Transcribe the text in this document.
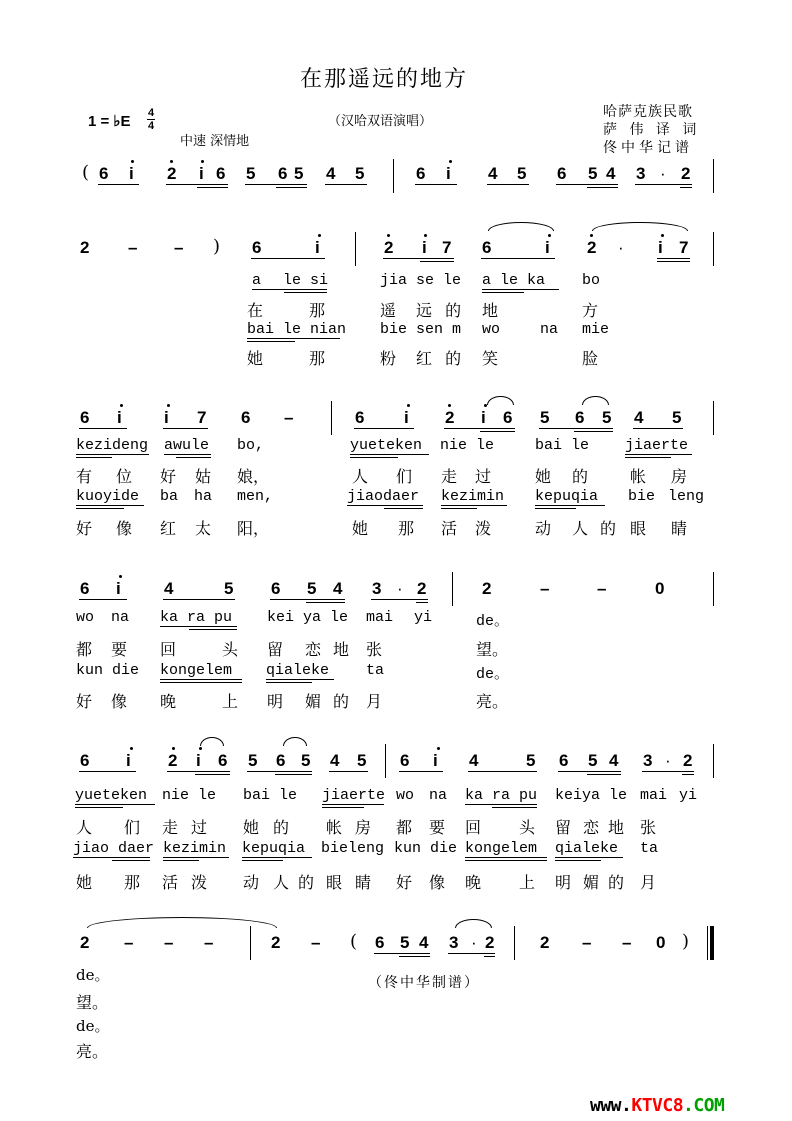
在那遥远的地方
1 = ♭E 4
4
中速 深情地
（汉哈双语演唱）
哈萨克族民歌
萨 伟 译 词
佟中华记谱
( 6 i 2 i 6 5 6 5 4 5	6 i 4 5 6 5 4 3 · 2
2 – – ) 6	i	2 i 7 6	i 2 · i 7
a le si	jia se le a le ka bo
在	那	遥 远 的 地	方
bai le nian bie sen m wo	na mie
她	那	粉 红 的 笑	脸
6 i i 7 6 –	6 i 2 i 6 5 6 5 4 5
kezideng awule bo,	yueteken nie le	bai le jiaerte
有 位 好 姑 娘，	人 们 走 过	她 的	帐 房
kuoyide ba ha men,	jiaodaer kezimin kepuqia bie leng
好 像 红 太 阳，	她 那 活 泼	动 人 的 眼 睛
6 i	4	5 6 5 4 3 · 2	2	–	–	0
wo na ka ra pu kei ya le mai yi	de。
都 要 回	头 留 恋 地 张	望。
kun die kongelem qialeke ta	de。
好 像 晚	上 明 媚 的 月	亮。
6 i 2 i 6 5 6 5 4 5 6 i 4	5 6 5 4 3 · 2
yueteken nie le bai le jiaerte wo na ka ra pu keiya le mai yi
人 们 走 过 她 的 帐 房 都 要 回 头 留 恋 地 张
jiao daer kezimin kepuqia bieleng kun die kongelem qialeke ta
她 那 活 泼 动 人 的 眼 睛 好 像 晚 上 明 媚 的 月
2 – – –	2 – ( 6 5 4 3 · 2	2 – – 0 )
de。
望。
de。
亮。
（佟中华制谱）
www.KTVC8.COM
